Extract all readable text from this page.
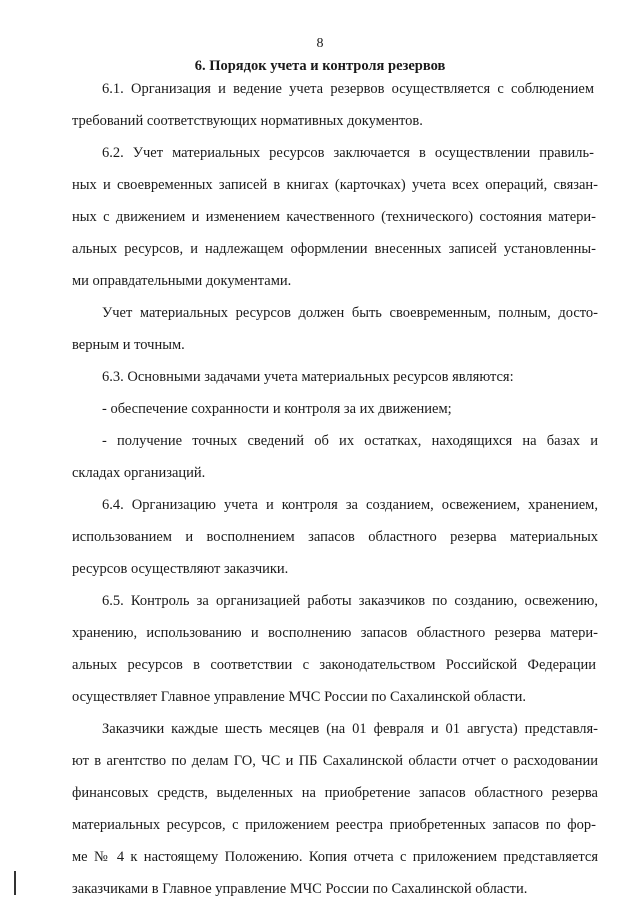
8
6. Порядок учета и контроля резервов
6.1. Организация и ведение учета резервов осуществляется с соблюдением
требований соответствующих нормативных документов.
6.2. Учет материальных ресурсов заключается в осуществлении правиль-
ных и своевременных записей в книгах (карточках) учета всех операций, связан-
ных с движением и изменением качественного (технического) состояния матери-
альных ресурсов, и надлежащем оформлении внесенных записей установленны-
ми оправдательными документами.
Учет материальных ресурсов должен быть своевременным, полным, досто-
верным и точным.
6.3. Основными задачами учета материальных ресурсов являются:
- обеспечение сохранности и контроля за их движением;
- получение точных сведений об их остатках, находящихся на базах и
складах организаций.
6.4. Организацию учета и контроля за созданием, освежением, хранением,
использованием и восполнением запасов областного резерва материальных
ресурсов осуществляют заказчики.
6.5. Контроль за организацией работы заказчиков по созданию, освежению,
хранению, использованию и восполнению запасов областного резерва матери-
альных ресурсов в соответствии с законодательством Российской Федерации
осуществляет Главное управление МЧС России по Сахалинской области.
Заказчики каждые шесть месяцев (на 01 февраля и 01 августа) представля-
ют в агентство по делам ГО, ЧС и ПБ Сахалинской области отчет о расходовании
финансовых средств, выделенных на приобретение запасов областного резерва
материальных ресурсов, с приложением реестра приобретенных запасов по фор-
ме № 4 к настоящему Положению. Копия отчета с приложением представляется
заказчиками в Главное управление МЧС России по Сахалинской области.
